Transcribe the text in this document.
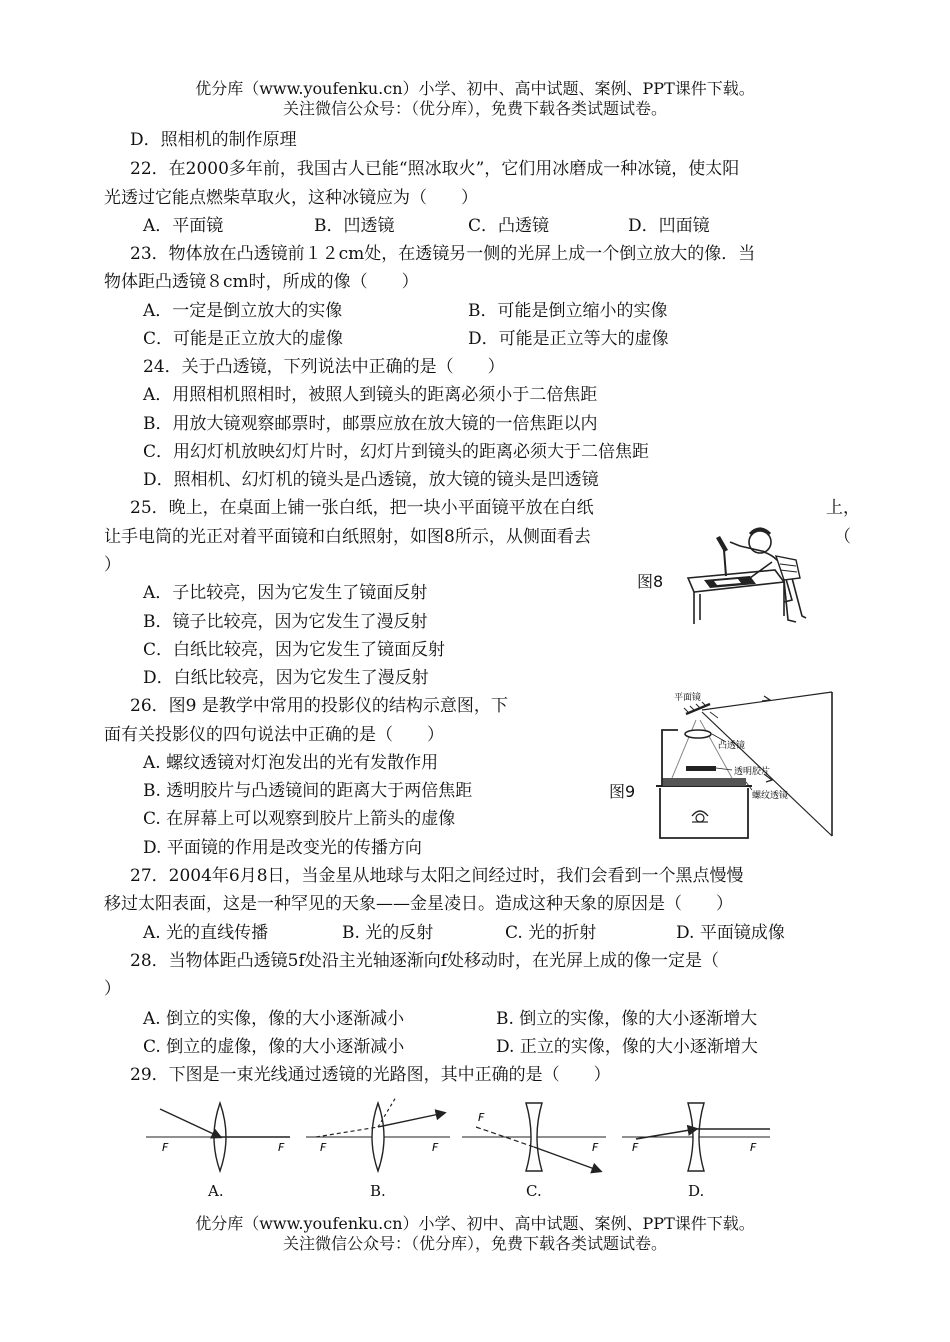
优分库（www.youfenku.cn）小学、初中、高中试题、案例、PPT课件下载。
关注微信公众号：（优分库），免费下载各类试题试卷。
D．照相机的制作原理
22．在2000多年前，我国古人已能“照冰取火”，它们用冰磨成一种冰镜，使太阳
光透过它能点燃柴草取火，这种冰镜应为（　　）
A．平面镜	B．凹透镜	C．凸透镜	D．凹面镜
23．物体放在凸透镜前１２cm处，在透镜另一侧的光屏上成一个倒立放大的像．当
物体距凸透镜８cm时，所成的像（　　）
A．一定是倒立放大的实像	B．可能是倒立缩小的实像
C．可能是正立放大的虚像	D．可能是正立等大的虚像
24．关于凸透镜，下列说法中正确的是（　　）
A．用照相机照相时，被照人到镜头的距离必须小于二倍焦距
B．用放大镜观察邮票时，邮票应放在放大镜的一倍焦距以内
C．用幻灯机放映幻灯片时，幻灯片到镜头的距离必须大于二倍焦距
D．照相机、幻灯机的镜头是凸透镜，放大镜的镜头是凹透镜
25．晚上，在桌面上铺一张白纸，把一块小平面镜平放在白纸	上，
让手电筒的光正对着平面镜和白纸照射，如图8所示，从侧面看去	（
）
图8
A．子比较亮，因为它发生了镜面反射
B．镜子比较亮，因为它发生了漫反射
C．白纸比较亮，因为它发生了镜面反射
D．白纸比较亮，因为它发生了漫反射
26．图9 是教学中常用的投影仪的结构示意图，下
面有关投影仪的四句说法中正确的是（　　）
A. 螺纹透镜对灯泡发出的光有发散作用
图9
B. 透明胶片与凸透镜间的距离大于两倍焦距
C. 在屏幕上可以观察到胶片上箭头的虚像
D. 平面镜的作用是改变光的传播方向
平面镜
凸透镜
透明胶片
螺纹透镜
27．2004年6月8日，当金星从地球与太阳之间经过时，我们会看到一个黑点慢慢
移过太阳表面，这是一种罕见的天象——金星凌日。造成这种天象的原因是（　　）
A. 光的直线传播	B. 光的反射	C. 光的折射	D. 平面镜成像
28．当物体距凸透镜5f处沿主光轴逐渐向f处移动时，在光屏上成的像一定是（
）
A. 倒立的实像，像的大小逐渐减小	B. 倒立的实像，像的大小逐渐增大
C. 倒立的虚像，像的大小逐渐减小	D. 正立的实像，像的大小逐渐增大
29．下图是一束光线通过透镜的光路图，其中正确的是（　　）
F	F	F	F
F
F	F	F
A.	B.	C.	D.
优分库（www.youfenku.cn）小学、初中、高中试题、案例、PPT课件下载。
关注微信公众号：（优分库），免费下载各类试题试卷。
